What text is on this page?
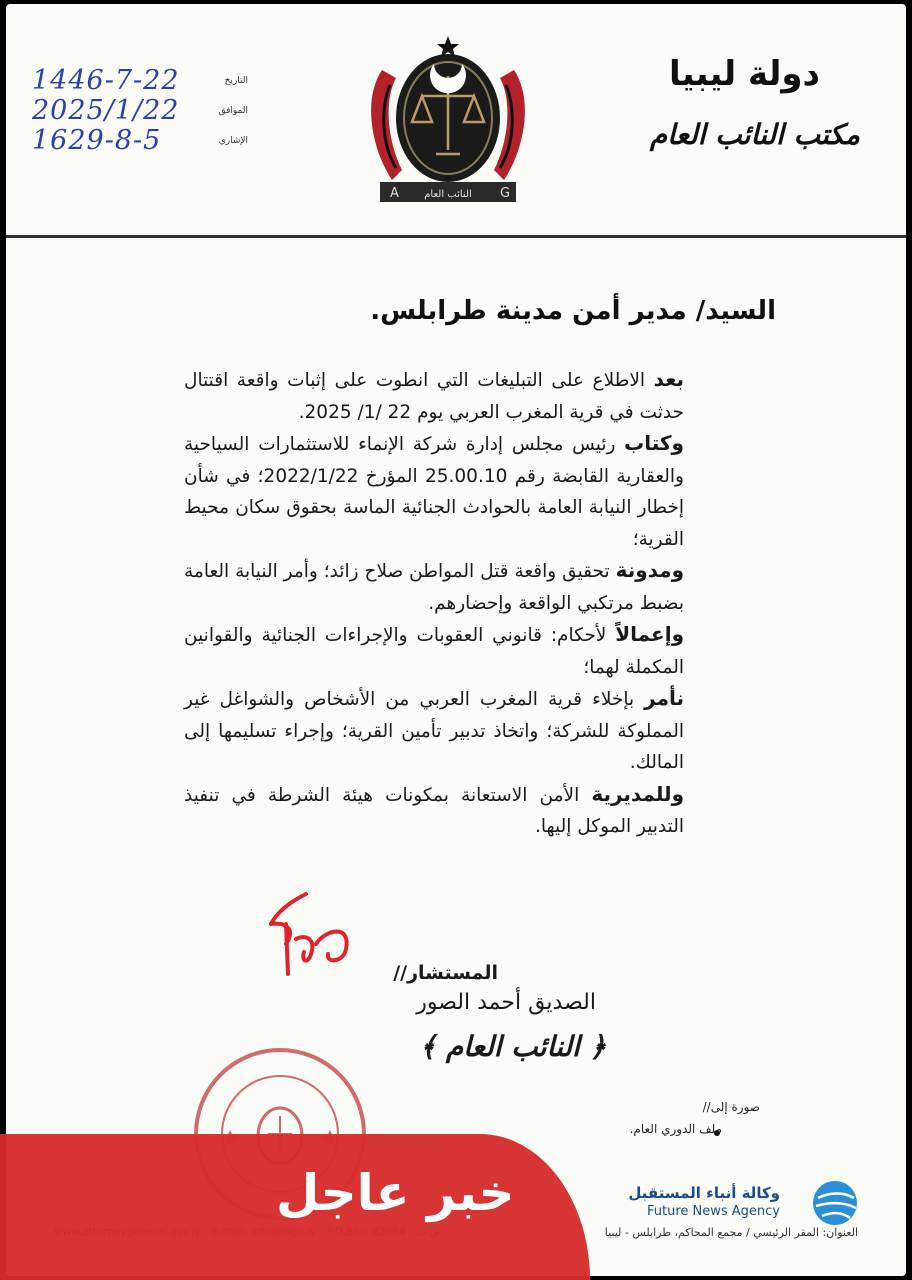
1446-7-22	التاريخ
2025/1/22	الموافق
1629-8-5	الإشاري
A	G
النائب العام
دولة ليبيا
مكتب النائب العام
السيد/ مدير أمن مدينة طرابلس.

بعد الاطلاع على التبليغات التي انطوت على إثبات واقعة اقتتال حدثت في قرية المغرب العربي يوم 22 /1/ 2025.

وكتاب رئيس مجلس إدارة شركة الإنماء للاستثمارات السياحية والعقارية القابضة رقم 25.00.10 المؤرخ 2022/1/22؛ في شأن إخطار النيابة العامة بالحوادث الجنائية الماسة بحقوق سكان محيط القرية؛

ومدونة تحقيق واقعة قتل المواطن صلاح زائد؛ وأمر النيابة العامة بضبط مرتكبي الواقعة وإحضارهم.

وإعمالاً لأحكام: قانوني العقوبات والإجراءات الجنائية والقوانين المكملة لهما؛

نأمر بإخلاء قرية المغرب العربي من الأشخاص والشواغل غير المملوكة للشركة؛ واتخاذ تدبير تأمين القرية؛ وإجراء تسليمها إلى المالك.

وللمديرية الأمن الاستعانة بمكونات هيئة الشرطة في تنفيذ التدبير الموكل إليها.

المستشار//
الصديق أحمد الصور
﴿ النائب العام ﴾
صورة إلى//
ملف الدوري العام.
العنوان: المقر الرئيسي / مجمع المحاكم، طرابلس - ليبيا
202512202
خبر عاجل	وكالة أنباء المستقبل
Future News Agency
